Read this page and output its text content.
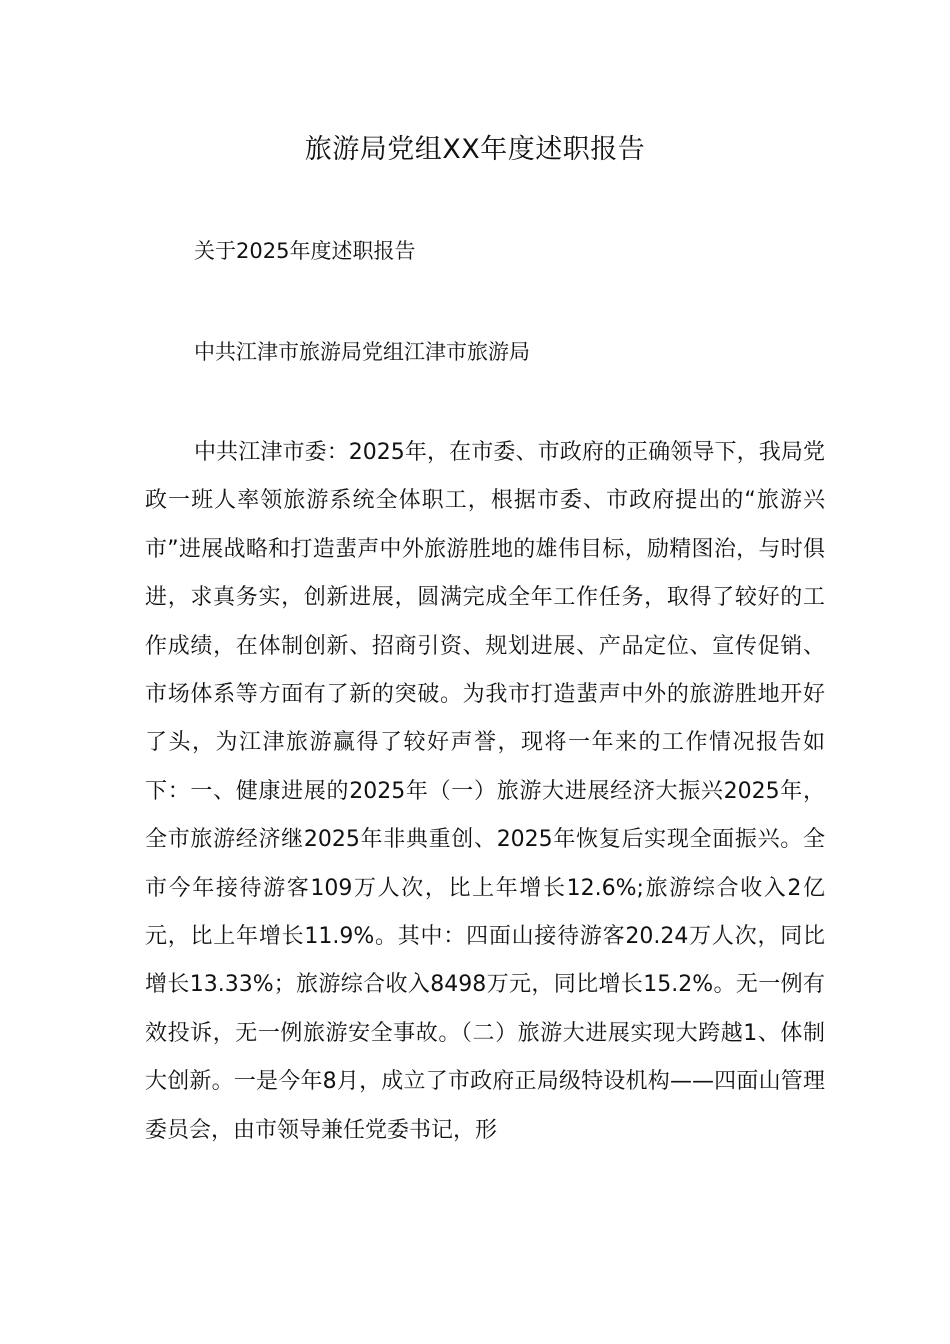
旅游局党组XX年度述职报告
关于2025年度述职报告
中共江津市旅游局党组江津市旅游局

中共江津市委：2025年，在市委、市政府的正确领导下，我局党政一班人率领旅游系统全体职工，根据市委、市政府提出的“旅游兴市”进展战略和打造蜚声中外旅游胜地的雄伟目标，励精图治，与时俱进，求真务实，创新进展，圆满完成全年工作任务，取得了较好的工作成绩，在体制创新、招商引资、规划进展、产品定位、宣传促销、市场体系等方面有了新的突破。为我市打造蜚声中外的旅游胜地开好了头，为江津旅游赢得了较好声誉，现将一年来的工作情况报告如下：一、健康进展的2025年（一）旅游大进展经济大振兴2025年，全市旅游经济继2025年非典重创、2025年恢复后实现全面振兴。全市今年接待游客109万人次，比上年增长12.6%;旅游综合收入2亿元，比上年增长11.9%。其中：四面山接待游客20.24万人次，同比增长13.33%；旅游综合收入8498万元，同比增长15.2%。无一例有效投诉，无一例旅游安全事故。（二）旅游大进展实现大跨越1、体制大创新。一是今年8月，成立了市政府正局级特设机构——四面山管理委员会，由市领导兼任党委书记，形
